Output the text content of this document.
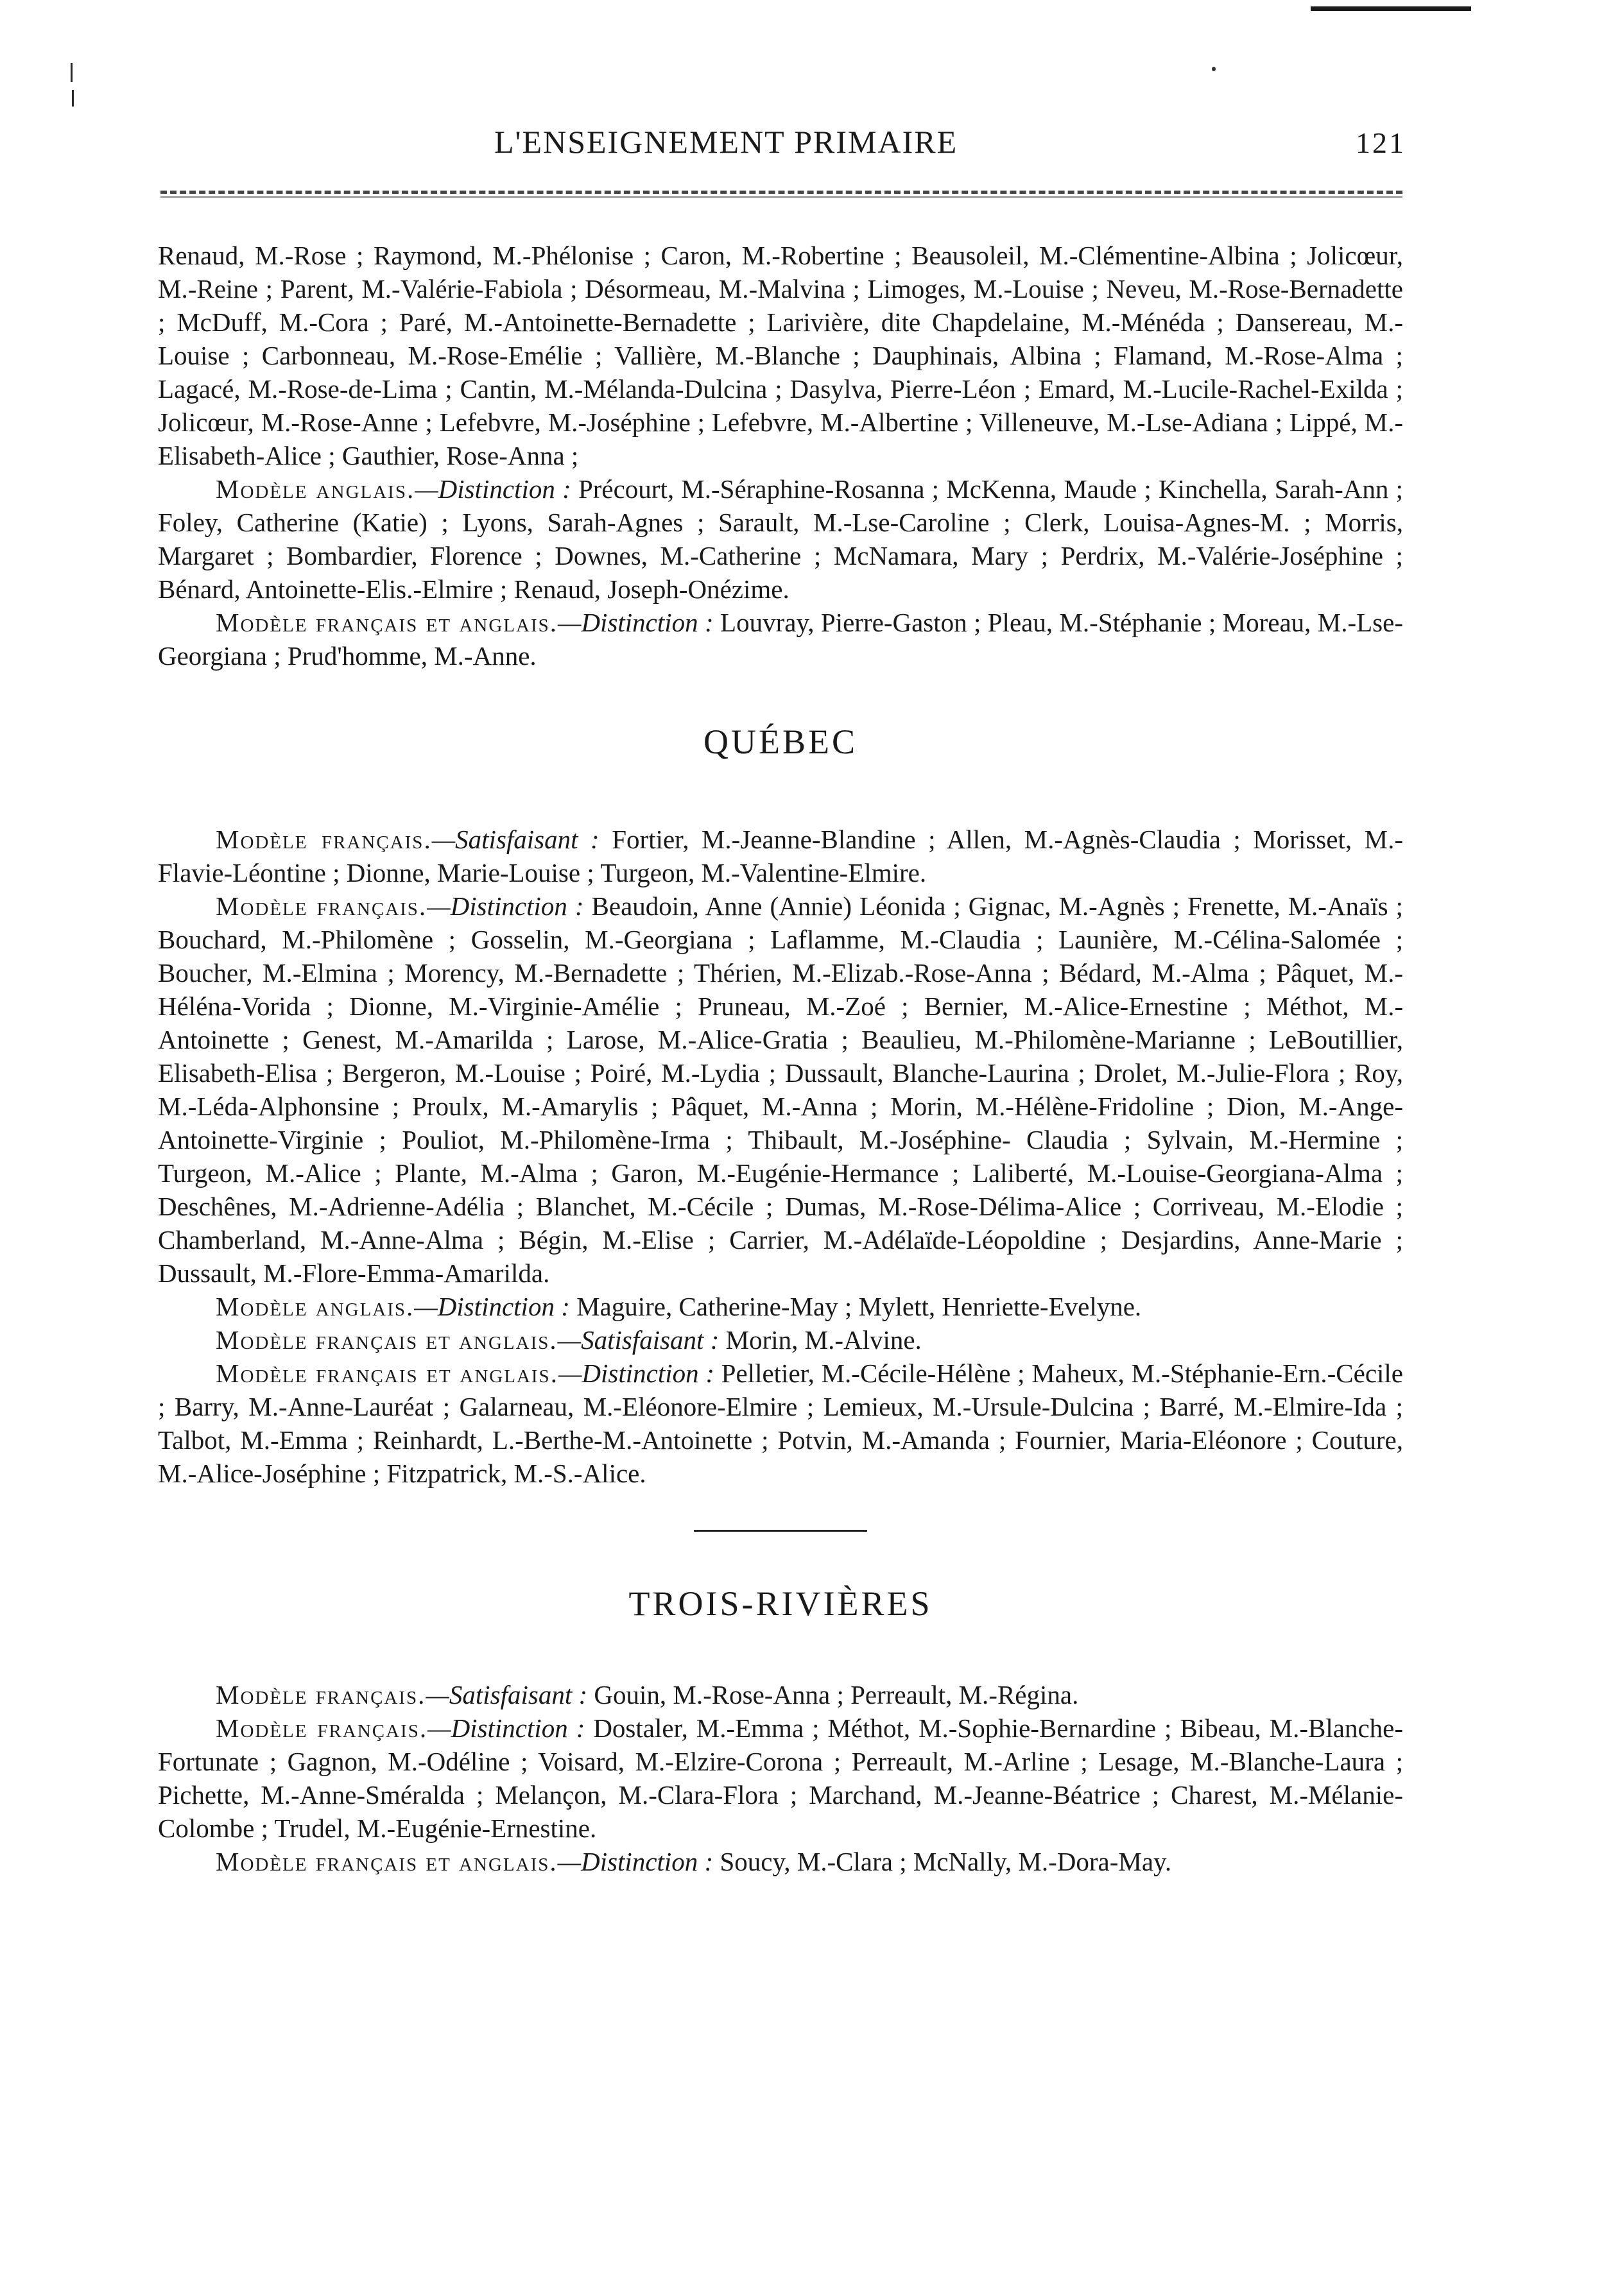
L'ENSEIGNEMENT PRIMAIRE	121

Renaud, M.-Rose ; Raymond, M.-Phélonise ; Caron, M.-Robertine ; Beausoleil, M.-Clémentine-Albina ; Jolicœur, M.-Reine ; Parent, M.-Valérie-Fabiola ; Désormeau, M.-Malvina ; Limoges, M.-Louise ; Neveu, M.-Rose-Bernadette ; McDuff, M.-Cora ; Paré, M.-Antoinette-Bernadette ; Larivière, dite Chapdelaine, M.-Ménéda ; Dansereau, M.-Louise ; Carbonneau, M.-Rose-Emélie ; Vallière, M.-Blanche ; Dauphinais, Albina ; Flamand, M.-Rose-Alma ; Lagacé, M.-Rose-de-Lima ; Cantin, M.-Mélanda-Dulcina ; Dasylva, Pierre-Léon ; Emard, M.-Lucile-Rachel-Exilda ; Jolicœur, M.-Rose-Anne ; Lefebvre, M.-Joséphine ; Lefebvre, M.-Albertine ; Villeneuve, M.-Lse-Adiana ; Lippé, M.-Elisabeth-Alice ; Gauthier, Rose-Anna ;

Modèle anglais.—Distinction : Précourt, M.-Séraphine-Rosanna ; McKenna, Maude ; Kinchella, Sarah-Ann ; Foley, Catherine (Katie) ; Lyons, Sarah-Agnes ; Sarault, M.-Lse-Caroline ; Clerk, Louisa-Agnes-M. ; Morris, Margaret ; Bombardier, Florence ; Downes, M.-Catherine ; McNamara, Mary ; Perdrix, M.-Valérie-Joséphine ; Bénard, Antoinette-Elis.-Elmire ; Renaud, Joseph-Onézime.

Modèle français et anglais.—Distinction : Louvray, Pierre-Gaston ; Pleau, M.-Stéphanie ; Moreau, M.-Lse-Georgiana ; Prud'homme, M.-Anne.

QUÉBEC

Modèle français.—Satisfaisant : Fortier, M.-Jeanne-Blandine ; Allen, M.-Agnès-Claudia ; Morisset, M.-Flavie-Léontine ; Dionne, Marie-Louise ; Turgeon, M.-Valentine-Elmire.

Modèle français.—Distinction : Beaudoin, Anne (Annie) Léonida ; Gignac, M.-Agnès ; Frenette, M.-Anaïs ; Bouchard, M.-Philomène ; Gosselin, M.-Georgiana ; Laflamme, M.-Claudia ; Launière, M.-Célina-Salomée ; Boucher, M.-Elmina ; Morency, M.-Bernadette ; Thérien, M.-Elizab.-Rose-Anna ; Bédard, M.-Alma ; Pâquet, M.-Héléna-Vorida ; Dionne, M.-Virginie-Amélie ; Pruneau, M.-Zoé ; Bernier, M.-Alice-Ernestine ; Méthot, M.-Antoinette ; Genest, M.-Amarilda ; Larose, M.-Alice-Gratia ; Beaulieu, M.-Philomène-Marianne ; LeBoutillier, Elisabeth-Elisa ; Bergeron, M.-Louise ; Poiré, M.-Lydia ; Dussault, Blanche-Laurina ; Drolet, M.-Julie-Flora ; Roy, M.-Léda-Alphonsine ; Proulx, M.-Amarylis ; Pâquet, M.-Anna ; Morin, M.-Hélène-Fridoline ; Dion, M.-Ange-Antoinette-Virginie ; Pouliot, M.-Philomène-Irma ; Thibault, M.-Joséphine- Claudia ; Sylvain, M.-Hermine ; Turgeon, M.-Alice ; Plante, M.-Alma ; Garon, M.-Eugénie-Hermance ; Laliberté, M.-Louise-Georgiana-Alma ; Deschênes, M.-Adrienne-Adélia ; Blanchet, M.-Cécile ; Dumas, M.-Rose-Délima-Alice ; Corriveau, M.-Elodie ; Chamberland, M.-Anne-Alma ; Bégin, M.-Elise ; Carrier, M.-Adélaïde-Léopoldine ; Desjardins, Anne-Marie ; Dussault, M.-Flore-Emma-Amarilda.

Modèle anglais.—Distinction : Maguire, Catherine-May ; Mylett, Henriette-Evelyne.

Modèle français et anglais.—Satisfaisant : Morin, M.-Alvine.

Modèle français et anglais.—Distinction : Pelletier, M.-Cécile-Hélène ; Maheux, M.-Stéphanie-Ern.-Cécile ; Barry, M.-Anne-Lauréat ; Galarneau, M.-Eléonore-Elmire ; Lemieux, M.-Ursule-Dulcina ; Barré, M.-Elmire-Ida ; Talbot, M.-Emma ; Reinhardt, L.-Berthe-M.-Antoinette ; Potvin, M.-Amanda ; Fournier, Maria-Eléonore ; Couture, M.-Alice-Joséphine ; Fitzpatrick, M.-S.-Alice.

TROIS-RIVIÈRES

Modèle français.—Satisfaisant : Gouin, M.-Rose-Anna ; Perreault, M.-Régina.

Modèle français.—Distinction : Dostaler, M.-Emma ; Méthot, M.-Sophie-Bernardine ; Bibeau, M.-Blanche-Fortunate ; Gagnon, M.-Odéline ; Voisard, M.-Elzire-Corona ; Perreault, M.-Arline ; Lesage, M.-Blanche-Laura ; Pichette, M.-Anne-Sméralda ; Melançon, M.-Clara-Flora ; Marchand, M.-Jeanne-Béatrice ; Charest, M.-Mélanie-Colombe ; Trudel, M.-Eugénie-Ernestine.

Modèle français et anglais.—Distinction : Soucy, M.-Clara ; McNally, M.-Dora-May.
